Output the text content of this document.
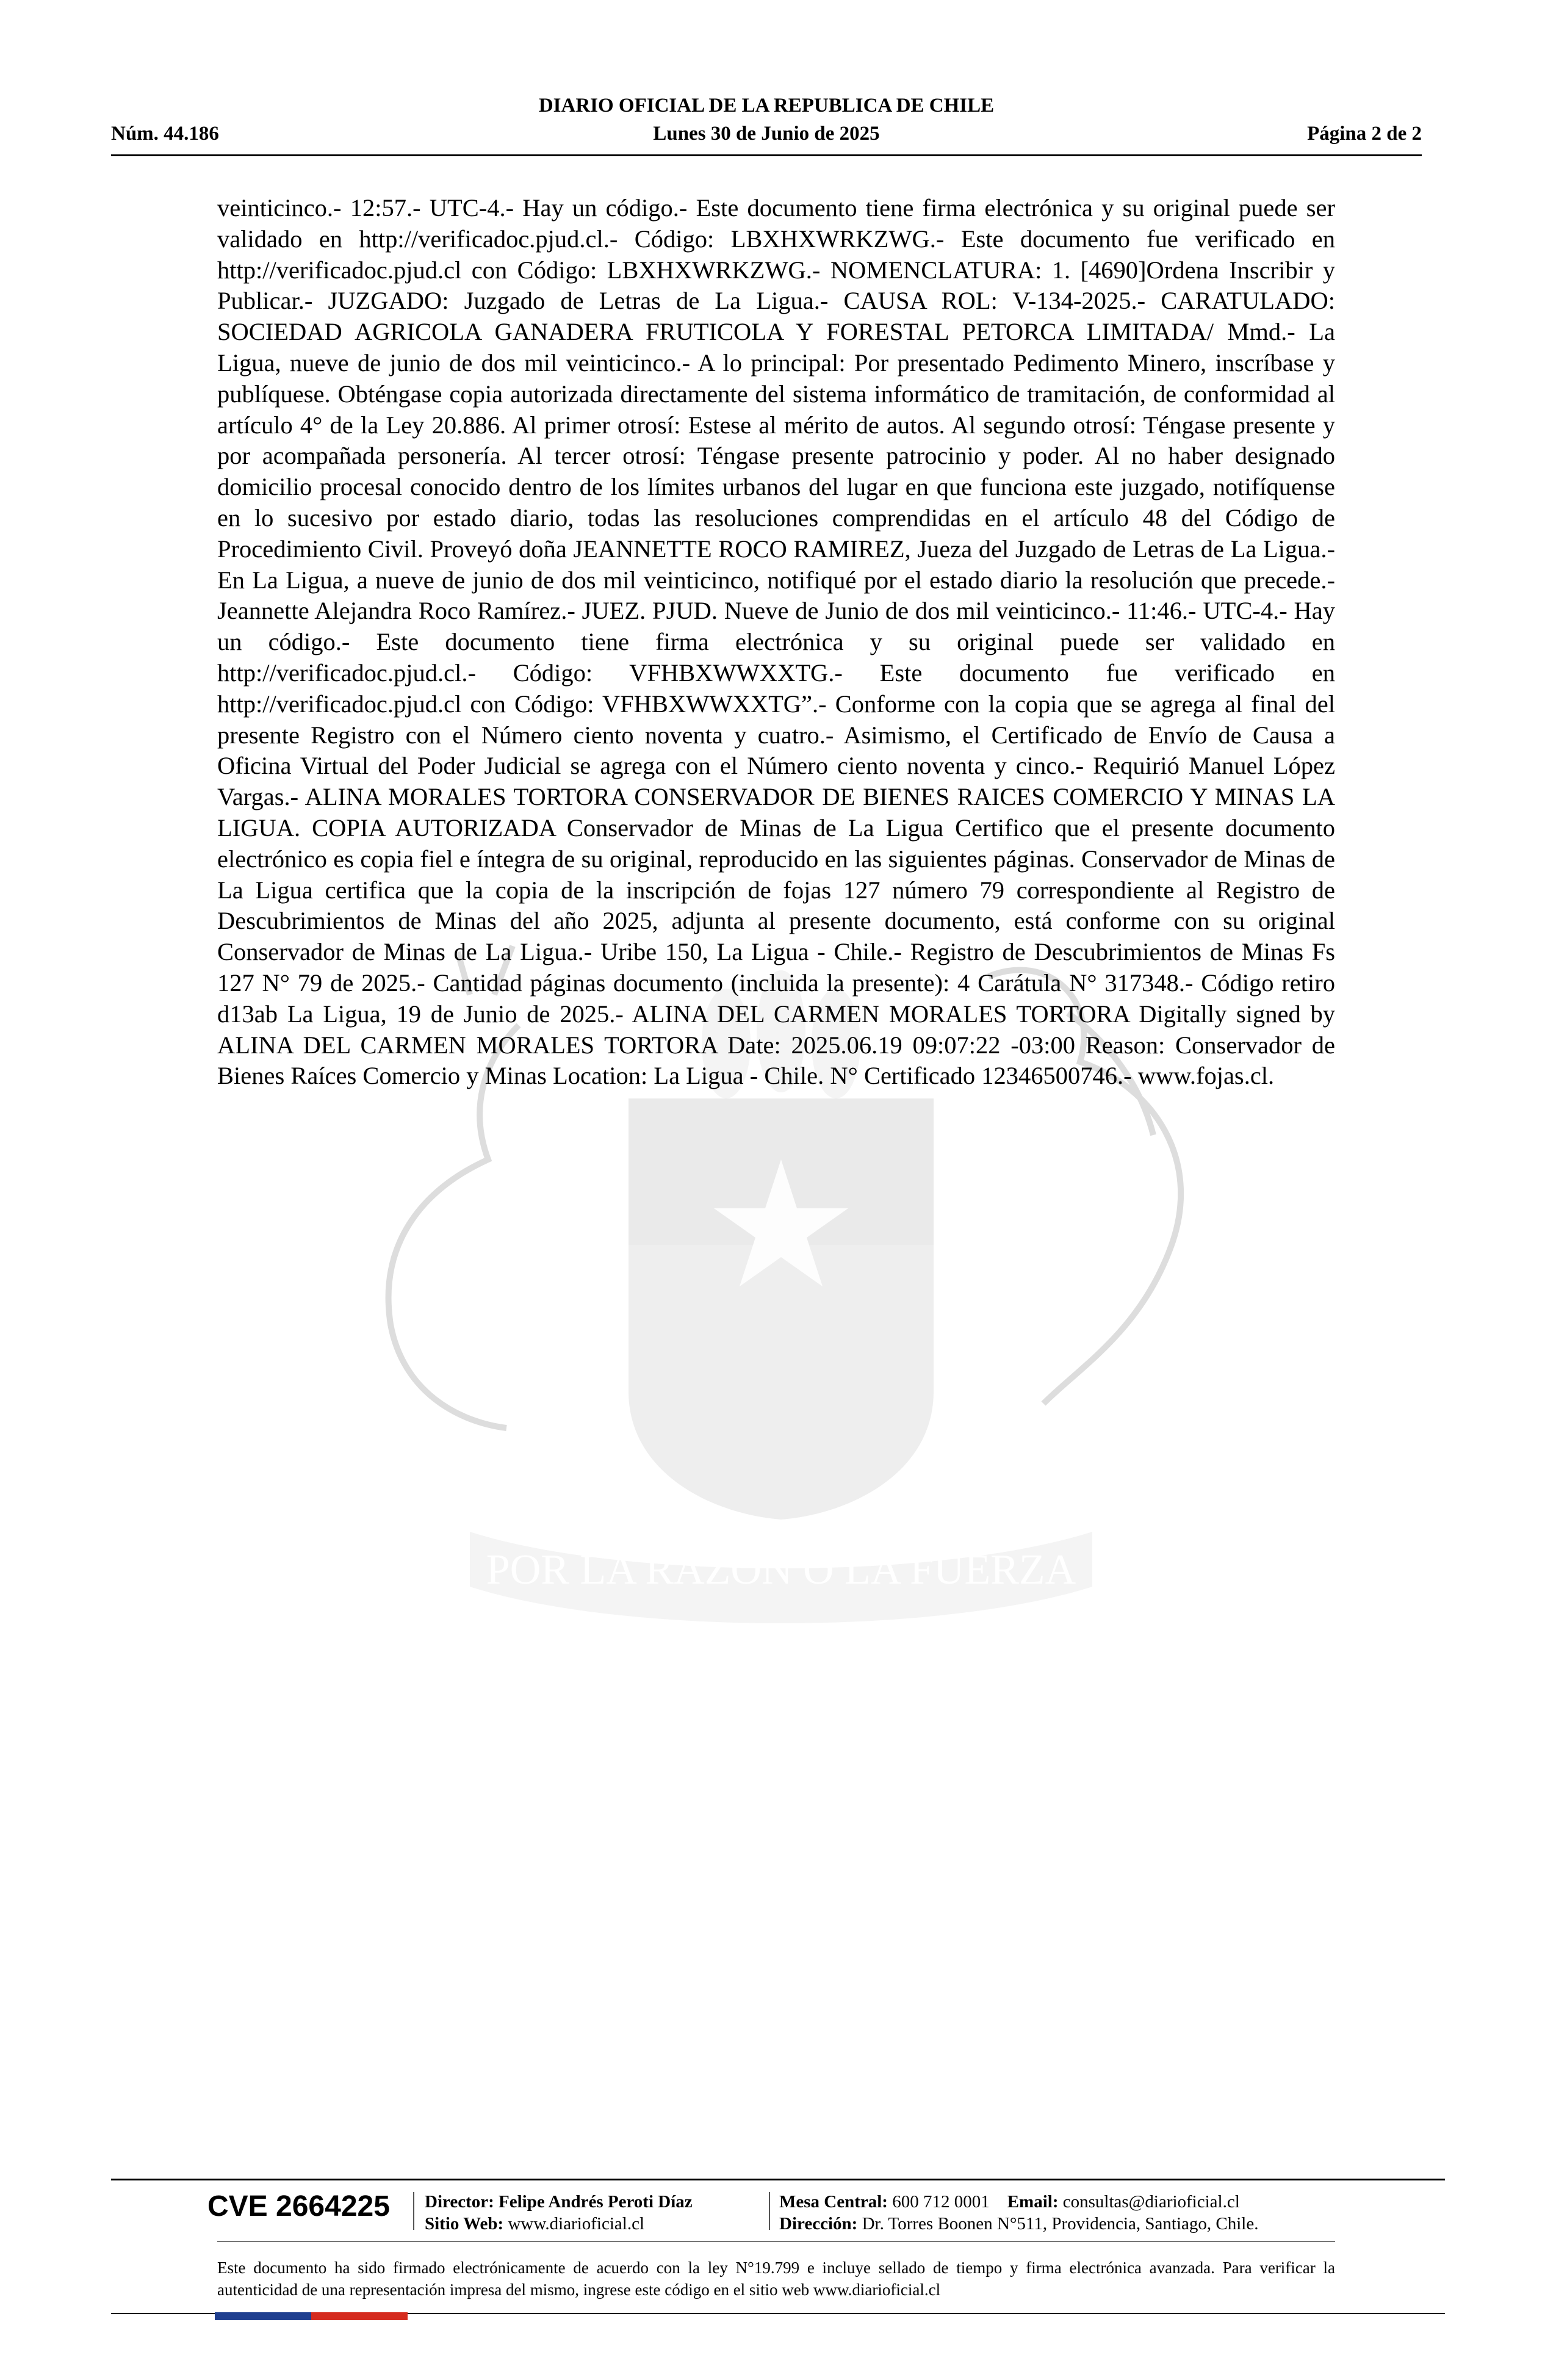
DIARIO OFICIAL DE LA REPUBLICA DE CHILE
Núm. 44.186	Lunes 30 de Junio de 2025	Página 2 de 2
POR LA RAZON O LA FUERZA
veinticinco.- 12:57.- UTC-4.- Hay un código.- Este documento tiene firma electrónica y su original puede ser validado en http://verificadoc.pjud.cl.- Código: LBXHXWRKZWG.- Este documento fue verificado en http://verificadoc.pjud.cl con Código: LBXHXWRKZWG.- NOMENCLATURA: 1. [4690]Ordena Inscribir y Publicar.- JUZGADO: Juzgado de Letras de La Ligua.- CAUSA ROL: V-134-2025.- CARATULADO: SOCIEDAD AGRICOLA GANADERA FRUTICOLA Y FORESTAL PETORCA LIMITADA/ Mmd.- La Ligua, nueve de junio de dos mil veinticinco.- A lo principal: Por presentado Pedimento Minero, inscríbase y publíquese. Obténgase copia autorizada directamente del sistema informático de tramitación, de conformidad al artículo 4° de la Ley 20.886. Al primer otrosí: Estese al mérito de autos. Al segundo otrosí: Téngase presente y por acompañada personería. Al tercer otrosí: Téngase presente patrocinio y poder. Al no haber designado domicilio procesal conocido dentro de los límites urbanos del lugar en que funciona este juzgado, notifíquense en lo sucesivo por estado diario, todas las resoluciones comprendidas en el artículo 48 del Código de Procedimiento Civil. Proveyó doña JEANNETTE ROCO RAMIREZ, Jueza del Juzgado de Letras de La Ligua.- En La Ligua, a nueve de junio de dos mil veinticinco, notifiqué por el estado diario la resolución que precede.- Jeannette Alejandra Roco Ramírez.- JUEZ. PJUD. Nueve de Junio de dos mil veinticinco.- 11:46.- UTC-4.- Hay un código.- Este documento tiene firma electrónica y su original puede ser validado en http://verificadoc.pjud.cl.- Código: VFHBXWWXXTG.- Este documento fue verificado en http://verificadoc.pjud.cl con Código: VFHBXWWXXTG”.- Conforme con la copia que se agrega al final del presente Registro con el Número ciento noventa y cuatro.- Asimismo, el Certificado de Envío de Causa a Oficina Virtual del Poder Judicial se agrega con el Número ciento noventa y cinco.- Requirió Manuel López Vargas.- ALINA MORALES TORTORA CONSERVADOR DE BIENES RAICES COMERCIO Y MINAS LA LIGUA. COPIA AUTORIZADA Conservador de Minas de La Ligua Certifico que el presente documento electrónico es copia fiel e íntegra de su original, reproducido en las siguientes páginas. Conservador de Minas de La Ligua certifica que la copia de la inscripción de fojas 127 número 79 correspondiente al Registro de Descubrimientos de Minas del año 2025, adjunta al presente documento, está conforme con su original Conservador de Minas de La Ligua.- Uribe 150, La Ligua - Chile.- Registro de Descubrimientos de Minas Fs 127 N° 79 de 2025.- Cantidad páginas documento (incluida la presente): 4 Carátula N° 317348.- Código retiro d13ab La Ligua, 19 de Junio de 2025.- ALINA DEL CARMEN MORALES TORTORA Digitally signed by ALINA DEL CARMEN MORALES TORTORA Date: 2025.06.19 09:07:22 -03:00 Reason: Conservador de Bienes Raíces Comercio y Minas Location: La Ligua - Chile. N° Certificado 12346500746.- www.fojas.cl.
CVE 2664225 Director: Felipe Andrés Peroti Díaz
Sitio Web: www.diarioficial.cl
Mesa Central: 600 712 0001 Email: consultas@diarioficial.cl
Dirección: Dr. Torres Boonen N°511, Providencia, Santiago, Chile.
Este documento ha sido firmado electrónicamente de acuerdo con la ley N°19.799 e incluye sellado de tiempo y firma electrónica avanzada. Para verificar la autenticidad de una representación impresa del mismo, ingrese este código en el sitio web www.diarioficial.cl
